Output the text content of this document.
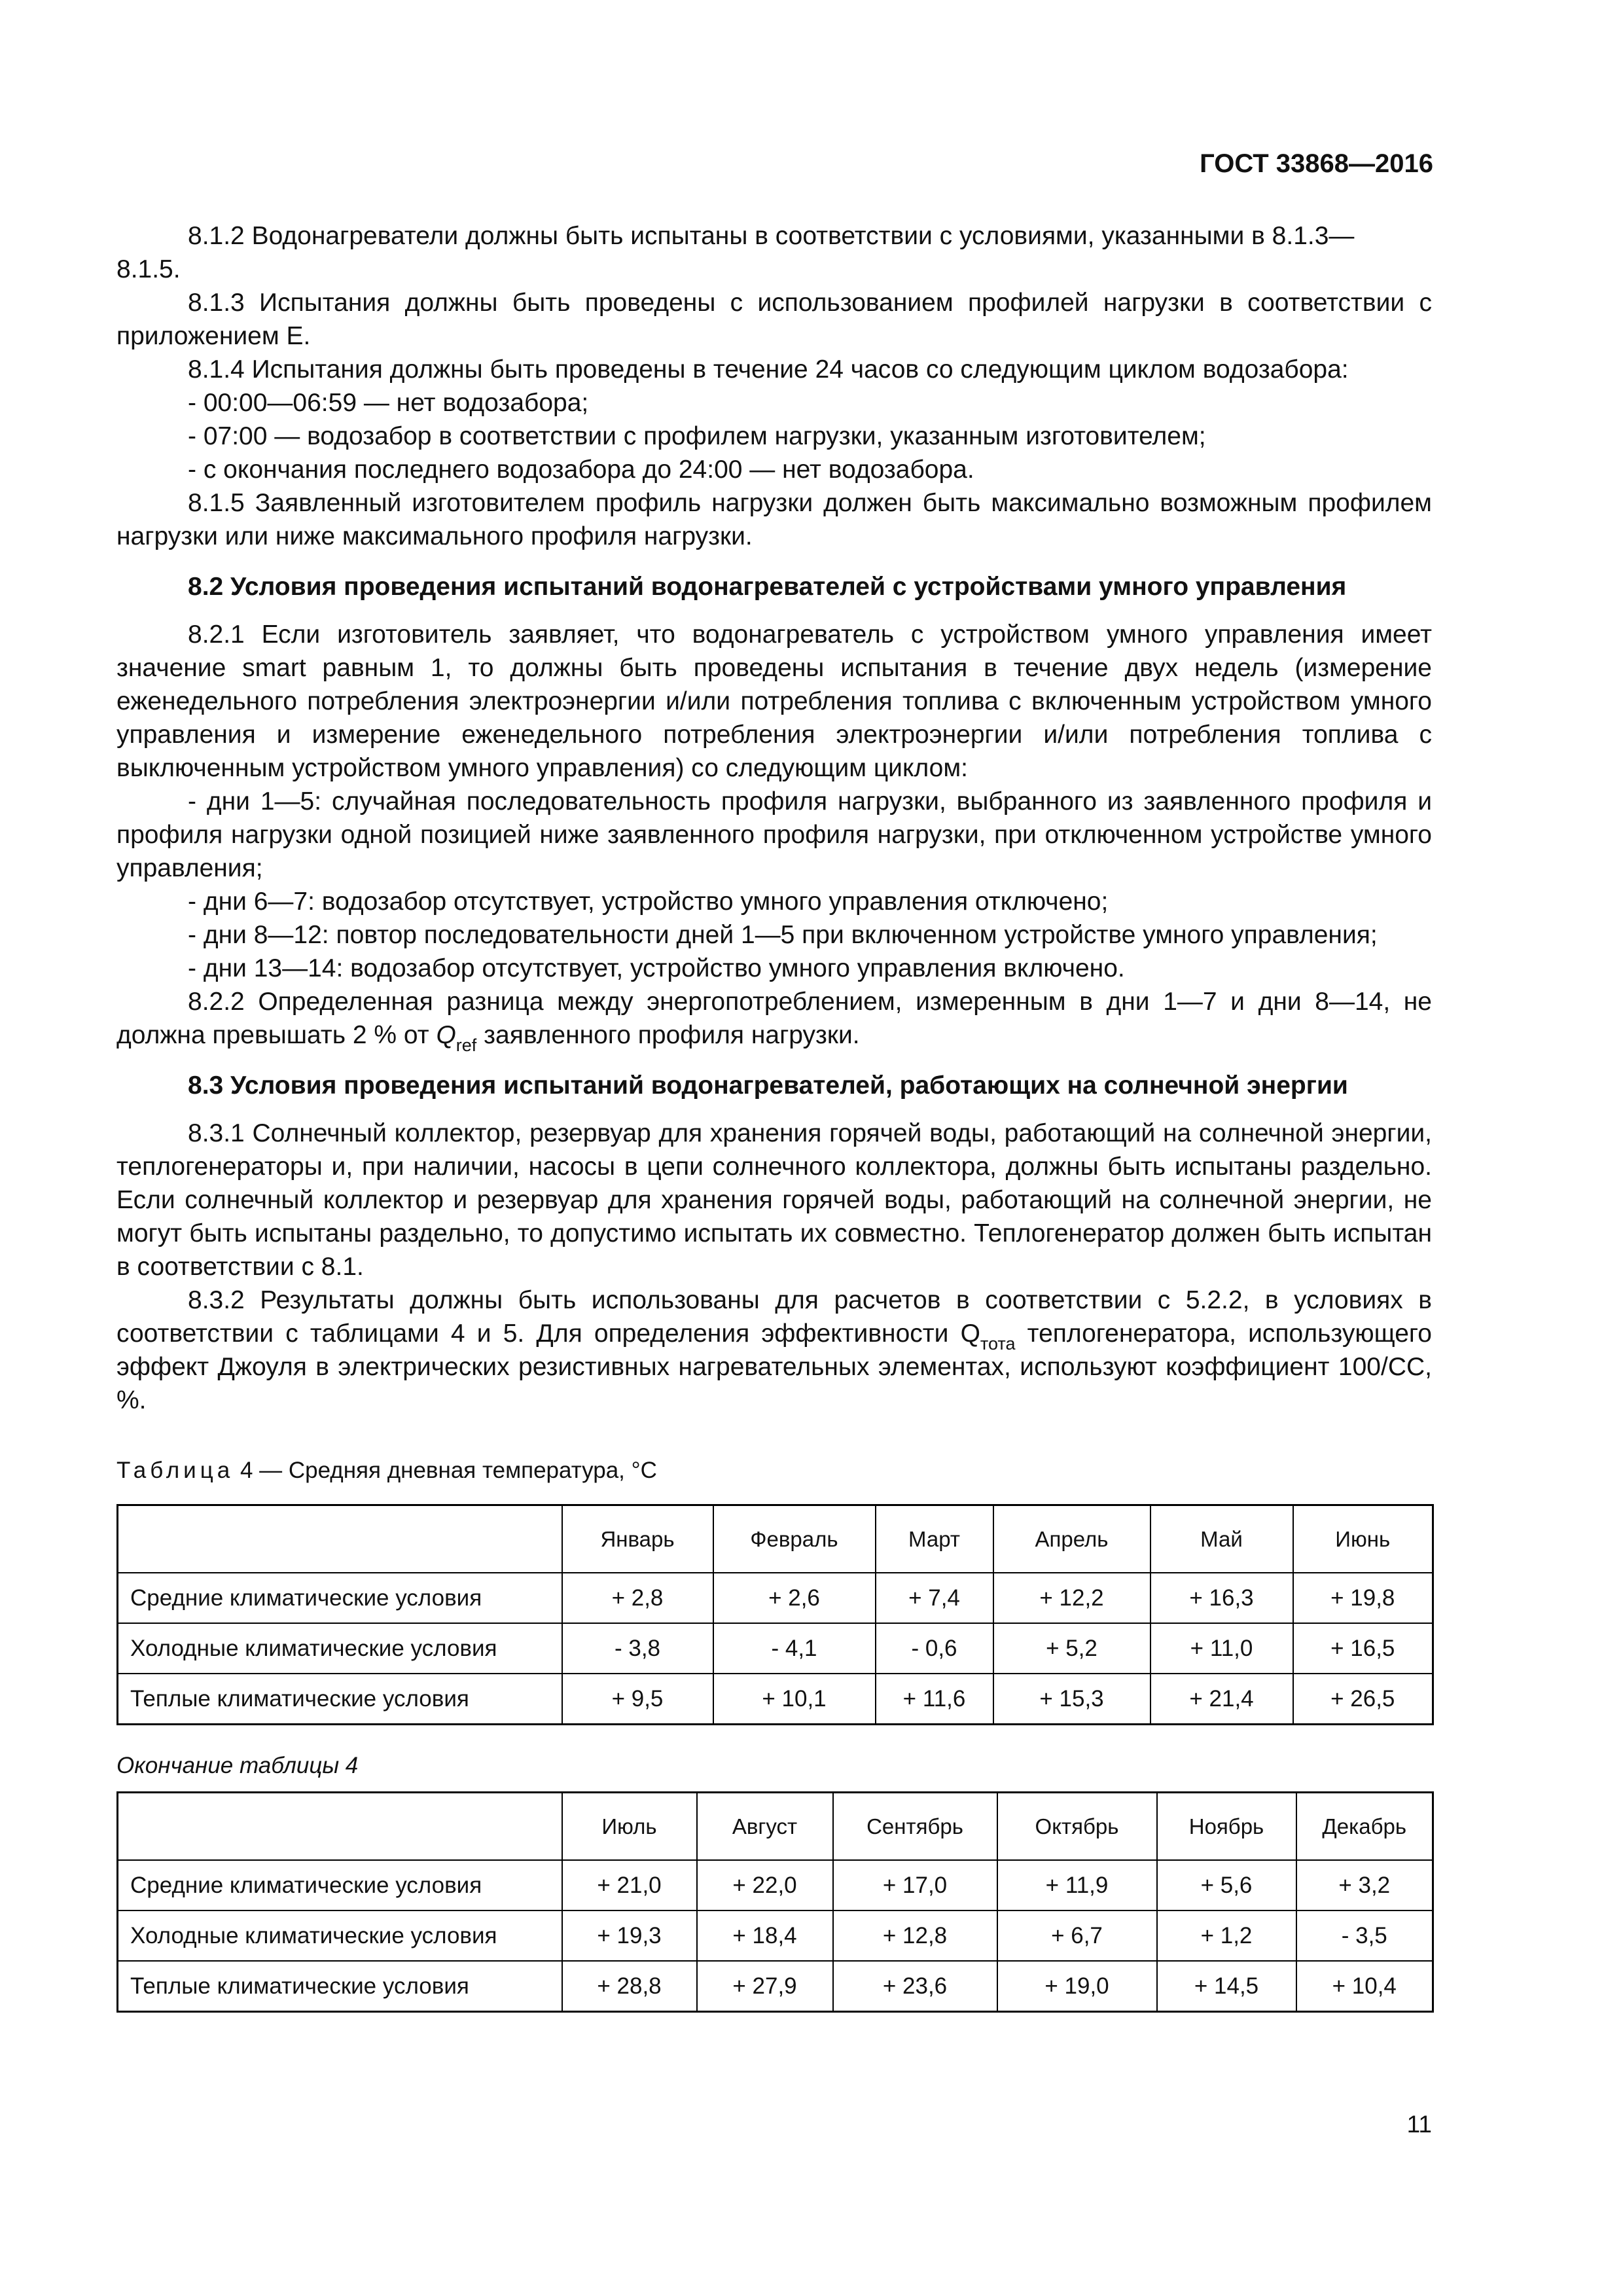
ГОСТ 33868—2016

8.1.2 Водонагреватели должны быть испытаны в соответствии с условиями, указанными в 8.1.3—

8.1.5.

8.1.3 Испытания должны быть проведены с использованием профилей нагрузки в соответствии с приложением Е.

8.1.4 Испытания должны быть проведены в течение 24 часов со следующим циклом водозабора:

- 00:00—06:59 — нет водозабора;

- 07:00 — водозабор в соответствии с профилем нагрузки, указанным изготовителем;

- с окончания последнего водозабора до 24:00 — нет водозабора.

8.1.5 Заявленный изготовителем профиль нагрузки должен быть максимально возможным профилем нагрузки или ниже максимального профиля нагрузки.

8.2 Условия проведения испытаний водонагревателей с устройствами умного управления

8.2.1 Если изготовитель заявляет, что водонагреватель с устройством умного управления имеет значение smart равным 1, то должны быть проведены испытания в течение двух недель (измерение еженедельного потребления электроэнергии и/или потребления топлива с включенным устройством умного управления и измерение еженедельного потребления электроэнергии и/или потребления топлива с выключенным устройством умного управления) со следующим циклом:

- дни 1—5: случайная последовательность профиля нагрузки, выбранного из заявленного профиля и профиля нагрузки одной позицией ниже заявленного профиля нагрузки, при отключенном устройстве умного управления;

- дни 6—7: водозабор отсутствует, устройство умного управления отключено;

- дни 8—12: повтор последовательности дней 1—5 при включенном устройстве умного управления;

- дни 13—14: водозабор отсутствует, устройство умного управления включено.

8.2.2 Определенная разница между энергопотреблением, измеренным в дни 1—7 и дни 8—14, не должна превышать 2 % от $Q_{ref}$ заявленного профиля нагрузки.

8.3 Условия проведения испытаний водонагревателей, работающих на солнечной энергии

8.3.1 Солнечный коллектор, резервуар для хранения горячей воды, работающий на солнечной энергии, теплогенераторы и, при наличии, насосы в цепи солнечного коллектора, должны быть испытаны раздельно. Если солнечный коллектор и резервуар для хранения горячей воды, работающий на солнечной энергии, не могут быть испытаны раздельно, то допустимо испытать их совместно. Теплогенератор должен быть испытан в соответствии с 8.1.

8.3.2 Результаты должны быть использованы для расчетов в соответствии с 5.2.2, в условиях в соответствии с таблицами 4 и 5. Для определения эффективности $Q_{тота}$ теплогенератора, использующего эффект Джоуля в электрических резистивных нагревательных элементах, используют коэффициент 100/СС, %.

Таблица 4 — Средняя дневная температура, °С

	Январь	Февраль	Март	Апрель	Май	Июнь
Средние климатические условия	+ 2,8	+ 2,6	+ 7,4	+ 12,2	+ 16,3	+ 19,8
Холодные климатические условия	- 3,8	- 4,1	- 0,6	+ 5,2	+ 11,0	+ 16,5
Теплые климатические условия	+ 9,5	+ 10,1	+ 11,6	+ 15,3	+ 21,4	+ 26,5

Окончание таблицы 4

	Июль	Август	Сентябрь	Октябрь	Ноябрь	Декабрь
Средние климатические условия	+ 21,0	+ 22,0	+ 17,0	+ 11,9	+ 5,6	+ 3,2
Холодные климатические условия	+ 19,3	+ 18,4	+ 12,8	+ 6,7	+ 1,2	- 3,5
Теплые климатические условия	+ 28,8	+ 27,9	+ 23,6	+ 19,0	+ 14,5	+ 10,4
11
